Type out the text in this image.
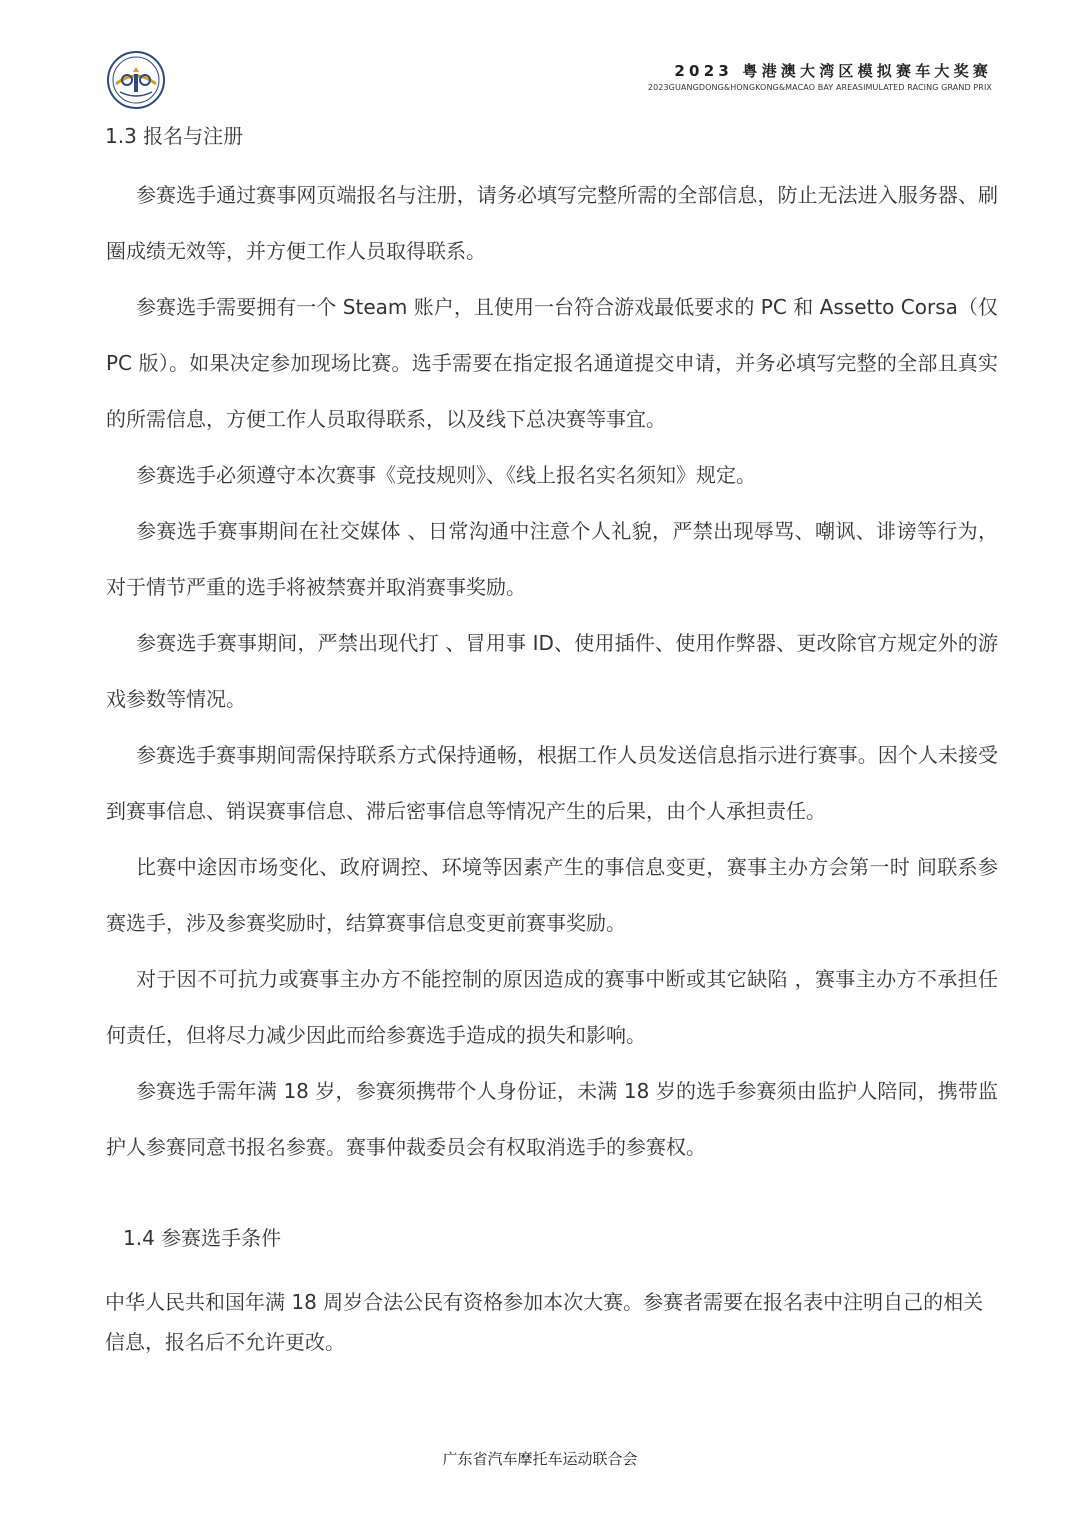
2023 粤港澳大湾区模拟赛车大奖赛
2023GUANGDONG&HONGKONG&MACAO BAY AREASIMULATED RACING GRAND PRIX
1.3 报名与注册

参赛选手通过赛事网页端报名与注册，请务必填写完整所需的全部信息，防止无法进入服务器、刷圈成绩无效等，并方便工作人员取得联系。

参赛选手需要拥有一个 Steam 账户，且使用一台符合游戏最低要求的 PC 和 Assetto Corsa（仅 PC 版）。如果决定参加现场比赛。选手需要在指定报名通道提交申请，并务必填写完整的全部且真实的所需信息，方便工作人员取得联系，以及线下总决赛等事宜。

参赛选手必须遵守本次赛事《竞技规则》、《线上报名实名须知》规定。

参赛选手赛事期间在社交媒体 、日常沟通中注意个人礼貌，严禁出现辱骂、嘲讽、诽谤等行为，对于情节严重的选手将被禁赛并取消赛事奖励。

参赛选手赛事期间，严禁出现代打 、冒用事 ID、使用插件、使用作弊器、更改除官方规定外的游戏参数等情况。

参赛选手赛事期间需保持联系方式保持通畅，根据工作人员发送信息指示进行赛事。因个人未接受到赛事信息、销误赛事信息、滞后密事信息等情况产生的后果，由个人承担责任。

比赛中途因市场变化、政府调控、环境等因素产生的事信息变更，赛事主办方会第一时 间联系参赛选手，涉及参赛奖励时，结算赛事信息变更前赛事奖励。

对于因不可抗力或赛事主办方不能控制的原因造成的赛事中断或其它缺陷 ，赛事主办方不承担任何责任，但将尽力减少因此而给参赛选手造成的损失和影响。

参赛选手需年满 18 岁，参赛须携带个人身份证，未满 18 岁的选手参赛须由监护人陪同，携带监护人参赛同意书报名参赛。赛事仲裁委员会有权取消选手的参赛权。

1.4 参赛选手条件

中华人民共和国年满 18 周岁合法公民有资格参加本次大赛。参赛者需要在报名表中注明自己的相关信息，报名后不允许更改。

广东省汽车摩托车运动联合会
